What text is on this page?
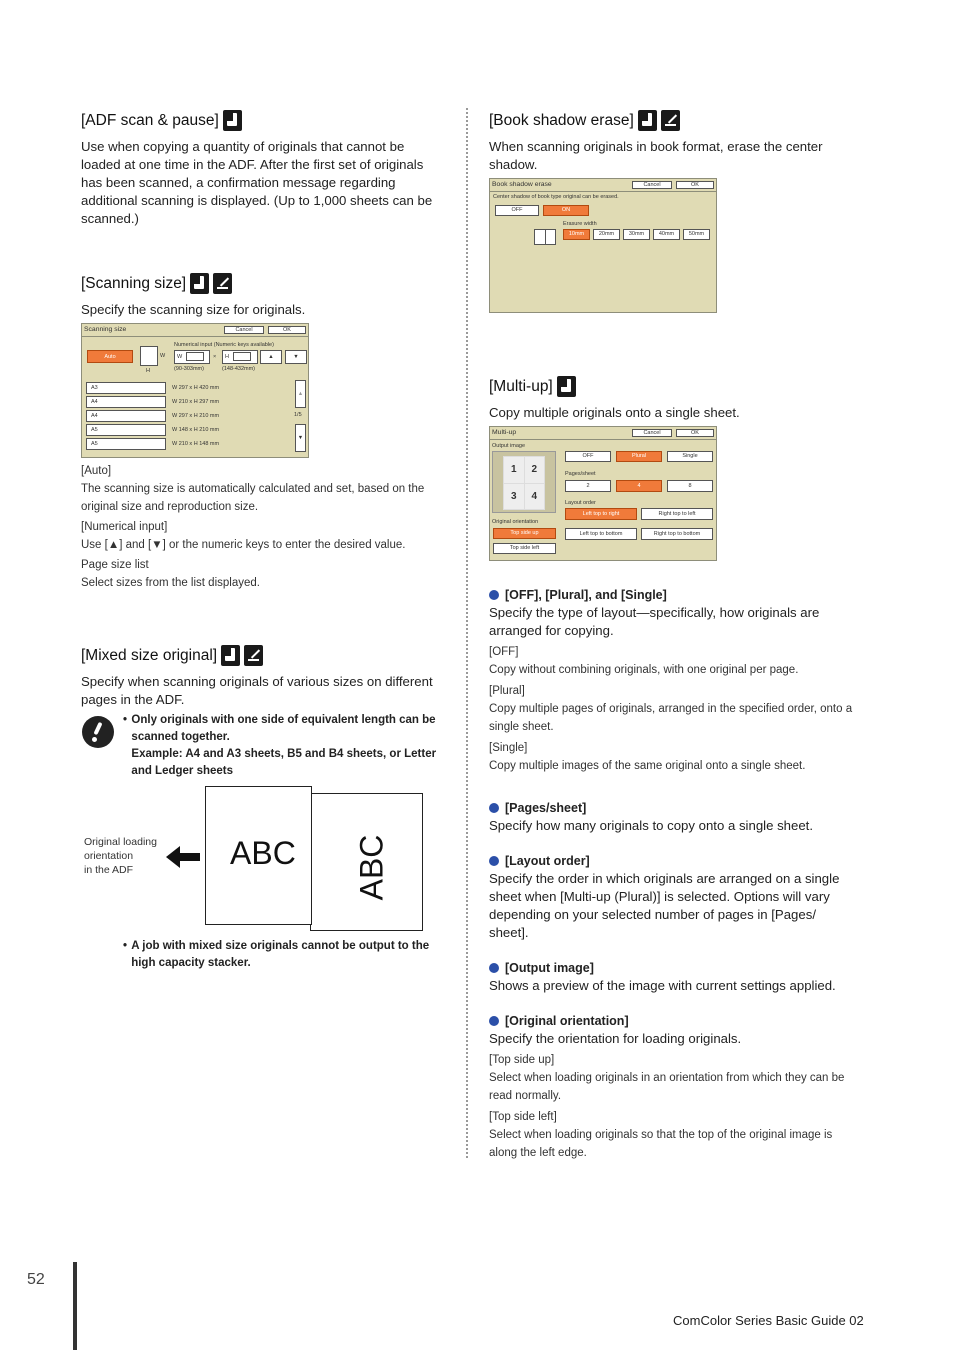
[ADF scan & pause]

Use when copying a quantity of originals that cannot be loaded at one time in the ADF. After the first set of originals has been scanned, a confirmation message regarding additional scanning is displayed. (Up to 1,000 sheets can be scanned.)

[Scanning size]

Specify the scanning size for originals.

Scanning size	Cancel	OK
Auto	W
H
Numerical input (Numeric keys available)
W	×	H	▲	▼
(90-303mm)	(148-432mm)
A3	W 297 x H 420 mm
A4	W 210 x H 297 mm
A4	W 297 x H 210 mm
A5	W 148 x H 210 mm
A5	W 210 x H 148 mm
▲
1/5
▼
[Auto]
The scanning size is automatically calculated and set, based on the original size and reproduction size.
[Numerical input]
Use [▲] and [▼] or the numeric keys to enter the desired value.
Page size list
Select sizes from the list displayed.
[Mixed size original]

Specify when scanning originals of various sizes on different pages in the ADF.

• Only originals with one side of equivalent length can be scanned together.
Example: A4 and A3 sheets, B5 and B4 sheets, or Letter and Ledger sheets
Original loading
orientation
in the ADF	ABC
ABC
• A job with mixed size originals cannot be output to the high capacity stacker.
[Book shadow erase]

When scanning originals in book format, erase the center shadow.

Book shadow erase	Cancel	OK
Center shadow of book type original can be erased.
OFF	ON
Erasure width
10mm	20mm	30mm	40mm	50mm
[Multi-up]

Copy multiple originals onto a single sheet.

Multi-up	Cancel	OK
Output image
1	2
3	4
OFF	Plural	Single
Pages/sheet
2	4	8
Layout order
Left top to right	Right top to left
Left top to bottom	Right top to bottom
Original orientation
Top side up
Top side left
[OFF], [Plural], and [Single]

Specify the type of layout—specifically, how originals are arranged for copying.

[OFF]
Copy without combining originals, with one original per page.
[Plural]
Copy multiple pages of originals, arranged in the specified order, onto a single sheet.
[Single]
Copy multiple images of the same original onto a single sheet.
[Pages/sheet]

Specify how many originals to copy onto a single sheet.

[Layout order]

Specify the order in which originals are arranged on a single sheet when [Multi-up (Plural)] is selected. Options will vary depending on your selected number of pages in [Pages/ sheet].

[Output image]

Shows a preview of the image with current settings applied.

[Original orientation]

Specify the orientation for loading originals.

[Top side up]
Select when loading originals in an orientation from which they can be read normally.
[Top side left]
Select when loading originals so that the top of the original image is along the left edge.
52
ComColor Series Basic Guide 02
